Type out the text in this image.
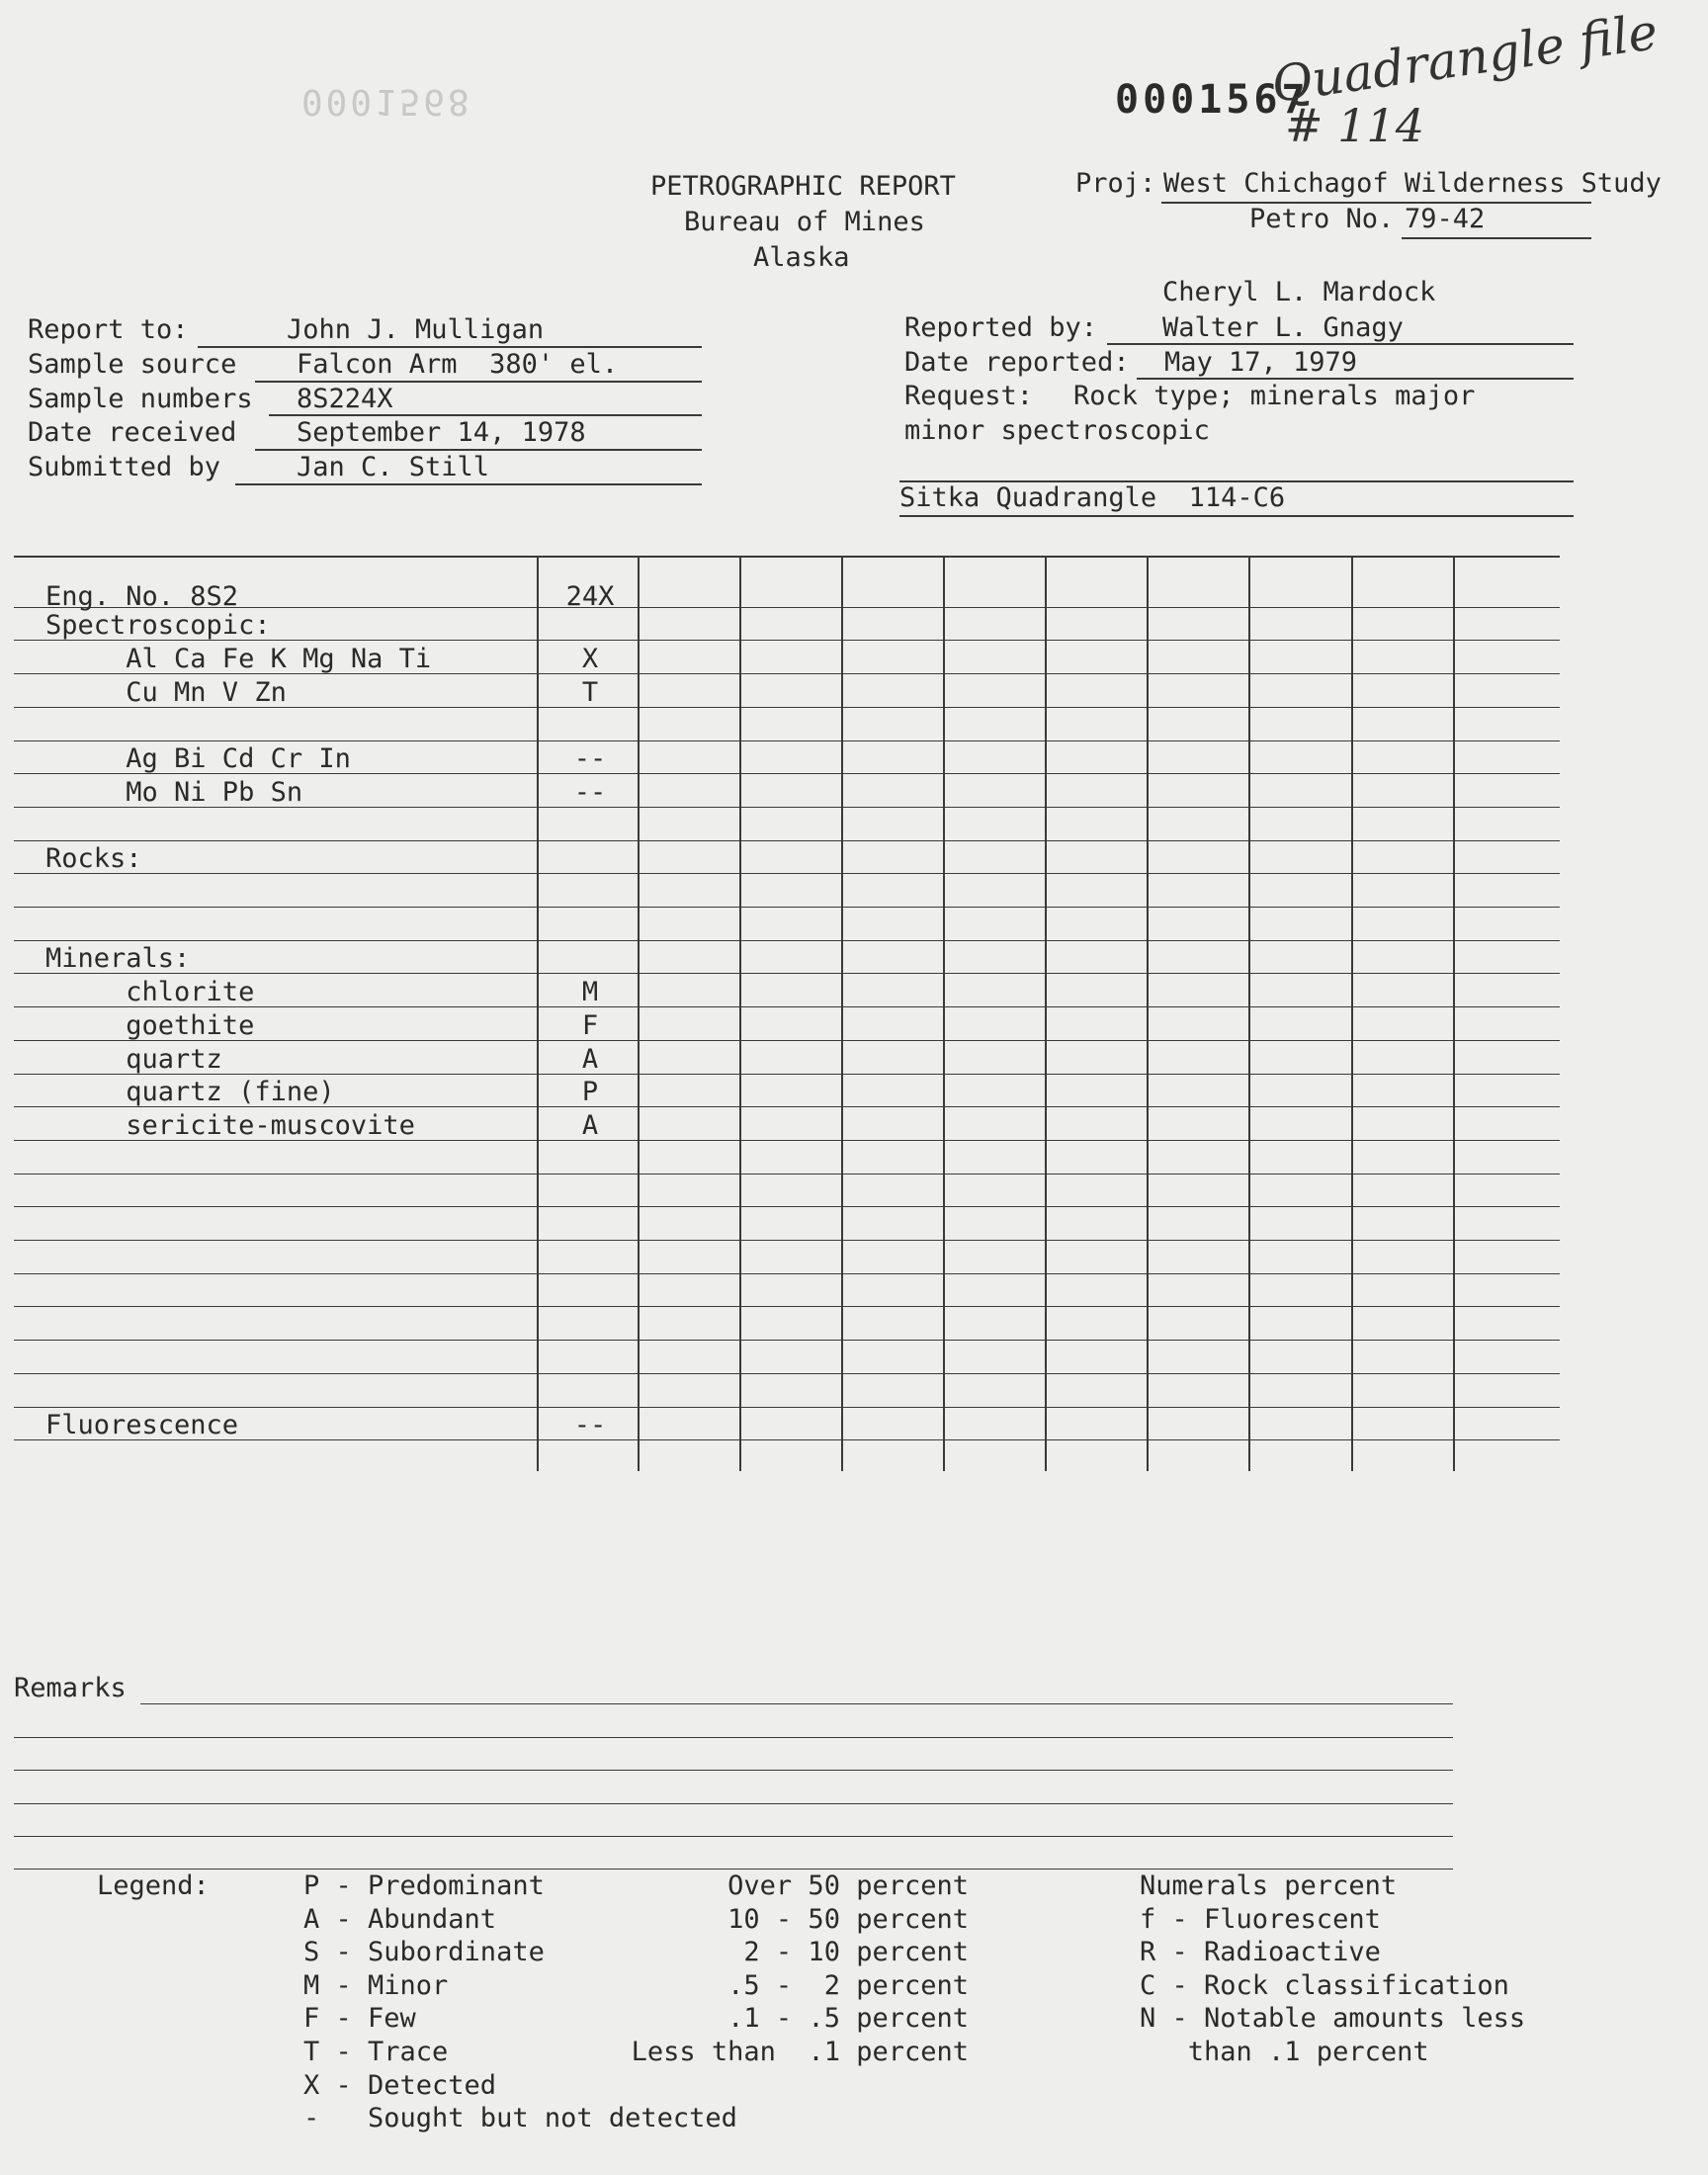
0001568	0001567
Quadrangle file
# 114
PETROGRAPHIC REPORT
Bureau of Mines
Alaska
Proj: West Chichagof Wilderness Study
Petro No. 79-42
Report to:	John J. Mulligan
Sample source Falcon Arm  380' el.
Sample numbers 8S224X
Date received September 14, 1978
Submitted by	Jan C. Still
Cheryl L. Mardock
Reported by: Walter L. Gnagy
Date reported: May 17, 1979
Request: Rock type; minerals major
minor spectroscopic
Sitka Quadrangle  114-C6
Eng. No. 8S2	24X
Spectroscopic:
Al Ca Fe K Mg Na Ti	X
Cu Mn V Zn	T
Ag Bi Cd Cr In	--
Mo Ni Pb Sn	--
Rocks:
Minerals:
chlorite	M
goethite	F
quartz	A
quartz (fine)	P
sericite-muscovite	A
Fluorescence	--
Remarks
Legend:	P - Predominant	Over 50 percent	Numerals percent
A - Abundant	10 - 50 percent	f - Fluorescent
S - Subordinate	2 - 10 percent	R - Radioactive
M - Minor	.5 -  2 percent	C - Rock classification
F - Few	.1 - .5 percent	N - Notable amounts less
T - Trace	Less than  .1 percent	than .1 percent
X - Detected
-   Sought but not detected
